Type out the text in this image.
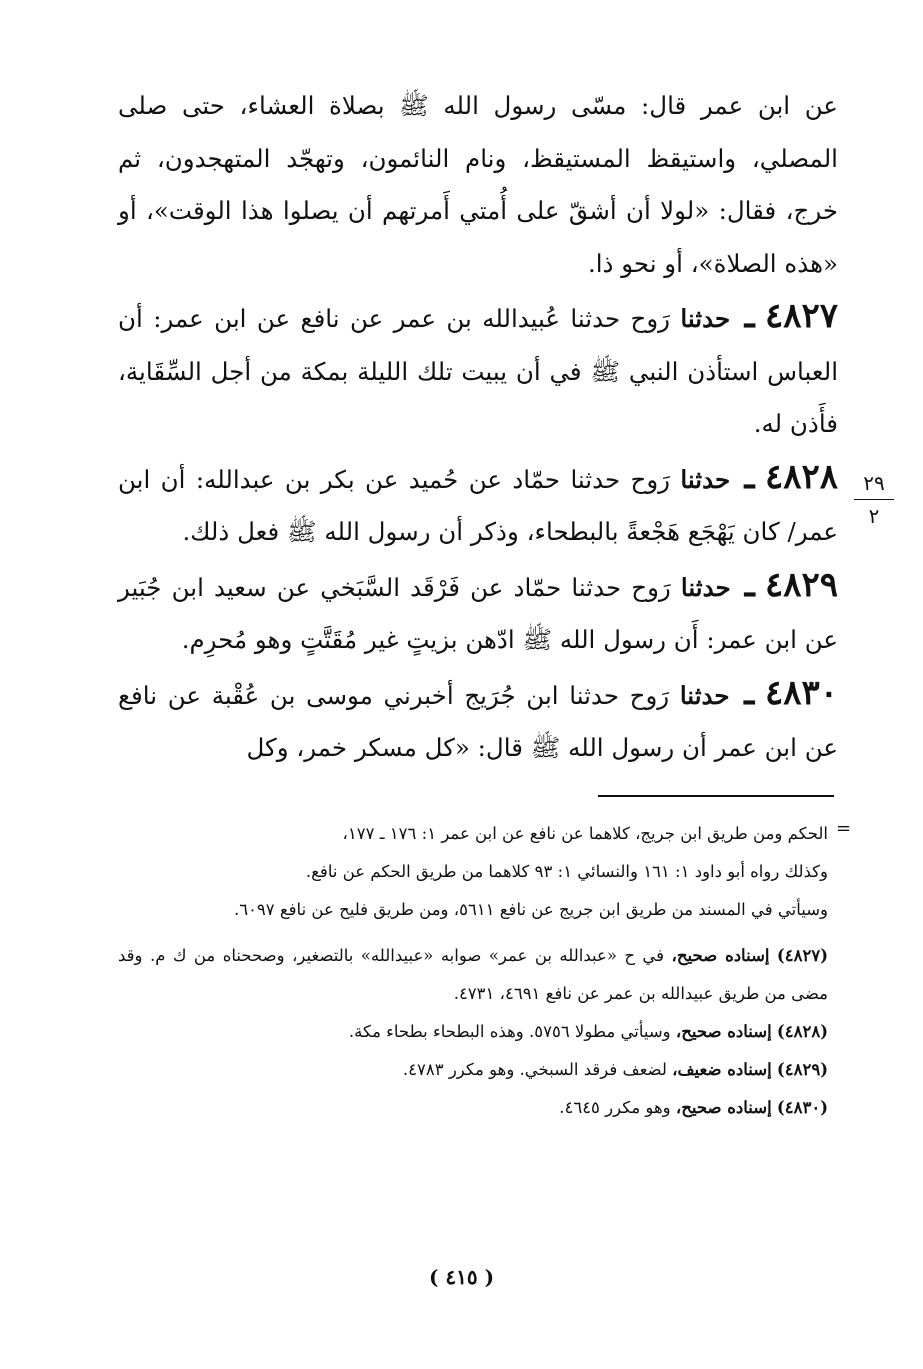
عن ابن عمر قال: مسّى رسول الله ﷺ بصلاة العشاء، حتى صلى المصلي، واستيقظ المستيقظ، ونام النائمون، وتهجّد المتهجدون، ثم خرج، فقال: «لولا أن أشقّ على أُمتي أَمرتهم أن يصلوا هذا الوقت»، أو «هذه الصلاة»، أو نحو ذا.

٤٨٢٧ ـ حدثنا رَوح حدثنا عُبيدالله بن عمر عن نافع عن ابن عمر: أن العباس استأذن النبي ﷺ في أن يبيت تلك الليلة بمكة من أجل السِّقَاية، فأَذن له.

٤٨٢٨ ـ حدثنا رَوح حدثنا حمّاد عن حُميد عن بكر بن عبدالله: أن ابن عمر/ كان يَهْجَع هَجْعةً بالبطحاء، وذكر أن رسول الله ﷺ فعل ذلك.

٤٨٢٩ ـ حدثنا رَوح حدثنا حمّاد عن فَرْقَد السَّبَخي عن سعيد ابن جُبَير عن ابن عمر: أَن رسول الله ﷺ ادّهن بزيتٍ غير مُقَتَّتٍ وهو مُحرِم.

٤٨٣٠ ـ حدثنا رَوح حدثنا ابن جُرَيج أخبرني موسى بن عُقْبة عن نافع عن ابن عمر أن رسول الله ﷺ قال: «كل مسكر خمر، وكل

٢٩
٢
=

الحكم ومن طريق ابن جريج، كلاهما عن نافع عن ابن عمر ١: ١٧٦ ـ ١٧٧،

وكذلك رواه أبو داود ١: ١٦١ والنسائي ١: ٩٣ كلاهما من طريق الحكم عن نافع.

وسيأتي في المسند من طريق ابن جريج عن نافع ٥٦١١، ومن طريق فليح عن نافع ٦٠٩٧.

(٤٨٢٧) إسناده صحيح، في ح «عبدالله بن عمر» صوابه «عبيدالله» بالتصغير، وصححناه من ك م. وقد مضى من طريق عبيدالله بن عمر عن نافع ٤٦٩١، ٤٧٣١.

(٤٨٢٨) إسناده صحيح، وسيأتي مطولا ٥٧٥٦. وهذه البطحاء بطحاء مكة.

(٤٨٢٩) إسناده ضعيف، لضعف فرقد السبخي. وهو مكرر ٤٧٨٣.

(٤٨٣٠) إسناده صحيح، وهو مكرر ٤٦٤٥.

( ٤١٥ )
